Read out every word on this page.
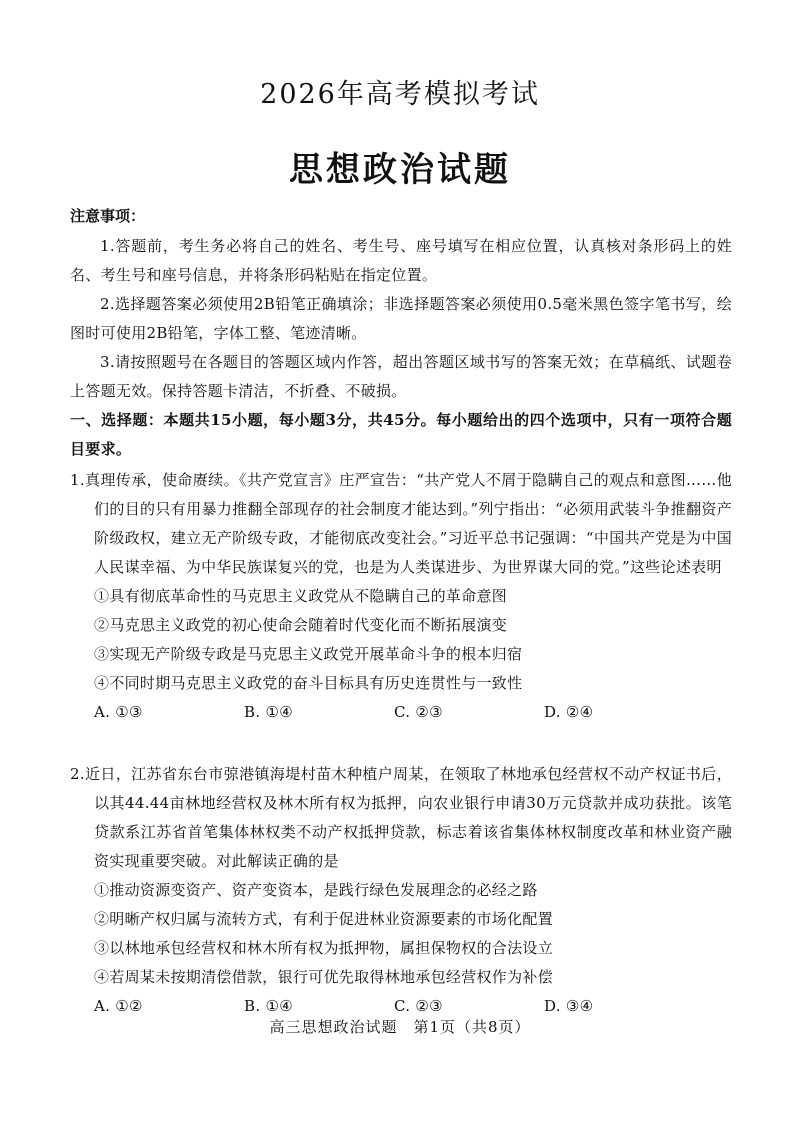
2026年高考模拟考试
思想政治试题
注意事项：
1.答题前，考生务必将自己的姓名、考生号、座号填写在相应位置，认真核对条形码上的姓名、考生号和座号信息，并将条形码粘贴在指定位置。
2.选择题答案必须使用2B铅笔正确填涂；非选择题答案必须使用0.5毫米黑色签字笔书写，绘图时可使用2B铅笔，字体工整、笔迹清晰。
3.请按照题号在各题目的答题区域内作答，超出答题区域书写的答案无效；在草稿纸、试题卷上答题无效。保持答题卡清洁，不折叠、不破损。
一、选择题：本题共15小题，每小题3分，共45分。每小题给出的四个选项中，只有一项符合题目要求。
1.真理传承，使命赓续。《共产党宣言》庄严宣告：“共产党人不屑于隐瞒自己的观点和意图……他们的目的只有用暴力推翻全部现存的社会制度才能达到。”列宁指出：“必须用武装斗争推翻资产阶级政权，建立无产阶级专政，才能彻底改变社会。”习近平总书记强调：“中国共产党是为中国人民谋幸福、为中华民族谋复兴的党，也是为人类谋进步、为世界谋大同的党。”这些论述表明
①具有彻底革命性的马克思主义政党从不隐瞒自己的革命意图
②马克思主义政党的初心使命会随着时代变化而不断拓展演变
③实现无产阶级专政是马克思主义政党开展革命斗争的根本归宿
④不同时期马克思主义政党的奋斗目标具有历史连贯性与一致性
A. ①③	B. ①④	C. ②③	D. ②④
2.近日，江苏省东台市弶港镇海堤村苗木种植户周某，在领取了林地承包经营权不动产权证书后，以其44.44亩林地经营权及林木所有权为抵押，向农业银行申请30万元贷款并成功获批。该笔贷款系江苏省首笔集体林权类不动产权抵押贷款，标志着该省集体林权制度改革和林业资产融资实现重要突破。对此解读正确的是
①推动资源变资产、资产变资本，是践行绿色发展理念的必经之路
②明晰产权归属与流转方式，有利于促进林业资源要素的市场化配置
③以林地承包经营权和林木所有权为抵押物，属担保物权的合法设立
④若周某未按期清偿借款，银行可优先取得林地承包经营权作为补偿
A. ①②	B. ①④	C. ②③	D. ③④
高三思想政治试题　第1页（共8页）
